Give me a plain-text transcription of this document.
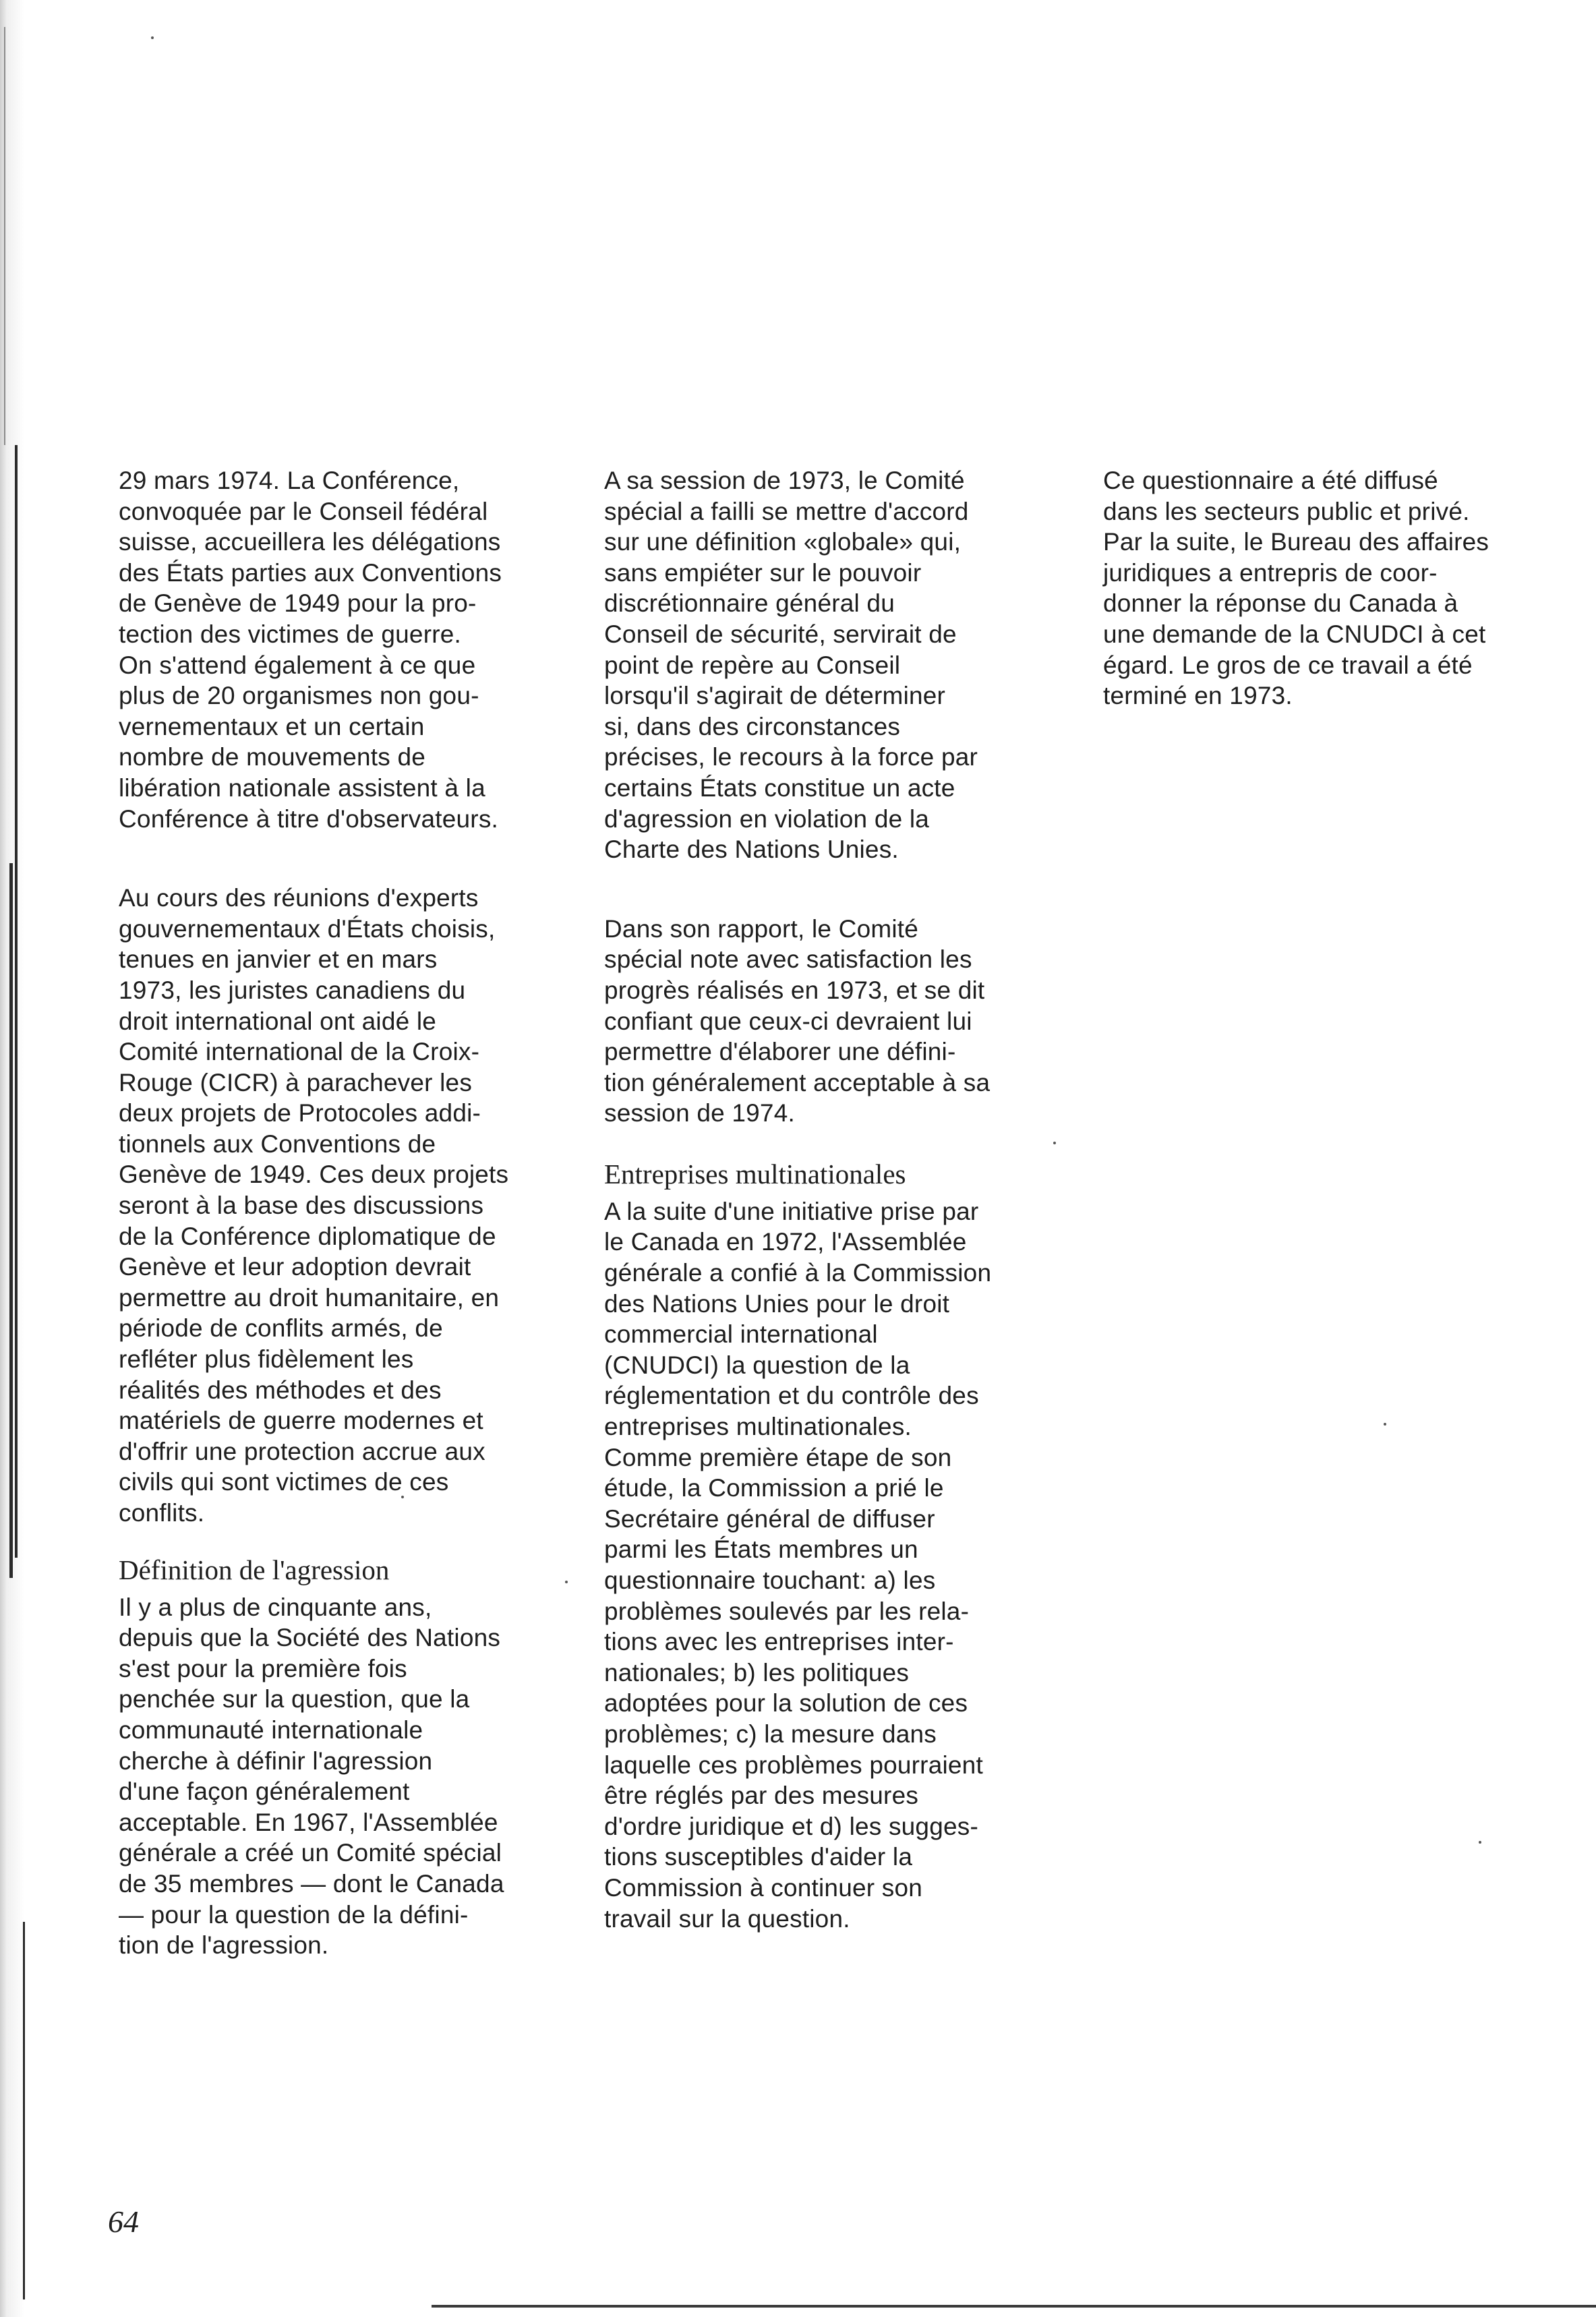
29 mars 1974. La Conférence,
convoquée par le Conseil fédéral
suisse, accueillera les délégations
des États parties aux Conventions
de Genève de 1949 pour la pro-
tection des victimes de guerre.
On s'attend également à ce que
plus de 20 organismes non gou-
vernementaux et un certain
nombre de mouvements de
libération nationale assistent à la
Conférence à titre d'observateurs.

Au cours des réunions d'experts
gouvernementaux d'États choisis,
tenues en janvier et en mars
1973, les juristes canadiens du
droit international ont aidé le
Comité international de la Croix-
Rouge (CICR) à parachever les
deux projets de Protocoles addi-
tionnels aux Conventions de
Genève de 1949. Ces deux projets
seront à la base des discussions
de la Conférence diplomatique de
Genève et leur adoption devrait
permettre au droit humanitaire, en
période de conflits armés, de
refléter plus fidèlement les
réalités des méthodes et des
matériels de guerre modernes et
d'offrir une protection accrue aux
civils qui sont victimes de ces
conflits.

Définition de l'agression

Il y a plus de cinquante ans,
depuis que la Société des Nations
s'est pour la première fois
penchée sur la question, que la
communauté internationale
cherche à définir l'agression
d'une façon généralement
acceptable. En 1967, l'Assemblée
générale a créé un Comité spécial
de 35 membres — dont le Canada
— pour la question de la défini-
tion de l'agression.

A sa session de 1973, le Comité
spécial a failli se mettre d'accord
sur une définition «globale» qui,
sans empiéter sur le pouvoir
discrétionnaire général du
Conseil de sécurité, servirait de
point de repère au Conseil
lorsqu'il s'agirait de déterminer
si, dans des circonstances
précises, le recours à la force par
certains États constitue un acte
d'agression en violation de la
Charte des Nations Unies.

Dans son rapport, le Comité
spécial note avec satisfaction les
progrès réalisés en 1973, et se dit
confiant que ceux-ci devraient lui
permettre d'élaborer une défini-
tion généralement acceptable à sa
session de 1974.

Entreprises multinationales

A la suite d'une initiative prise par
le Canada en 1972, l'Assemblée
générale a confié à la Commission
des Nations Unies pour le droit
commercial international
(CNUDCI) la question de la
réglementation et du contrôle des
entreprises multinationales.
Comme première étape de son
étude, la Commission a prié le
Secrétaire général de diffuser
parmi les États membres un
questionnaire touchant: a) les
problèmes soulevés par les rela-
tions avec les entreprises inter-
nationales; b) les politiques
adoptées pour la solution de ces
problèmes; c) la mesure dans
laquelle ces problèmes pourraient
être réglés par des mesures
d'ordre juridique et d) les sugges-
tions susceptibles d'aider la
Commission à continuer son
travail sur la question.

Ce questionnaire a été diffusé
dans les secteurs public et privé.
Par la suite, le Bureau des affaires
juridiques a entrepris de coor-
donner la réponse du Canada à
une demande de la CNUDCI à cet
égard. Le gros de ce travail a été
terminé en 1973.

64
